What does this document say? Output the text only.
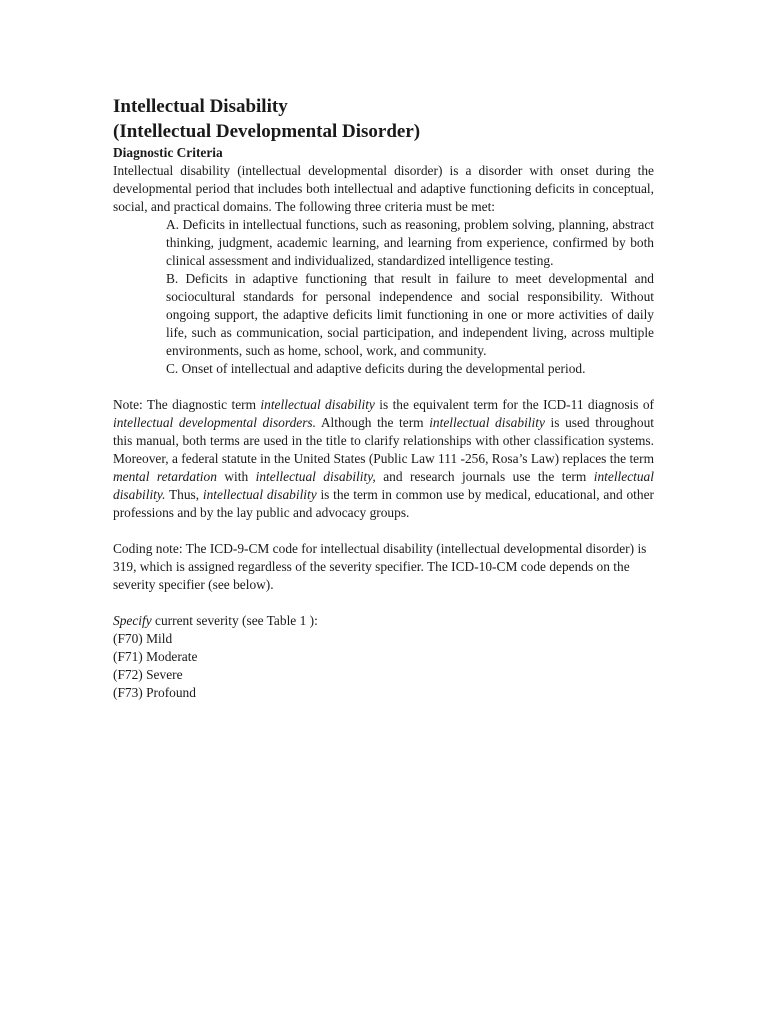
Intellectual Disability
(Intellectual Developmental Disorder)
Diagnostic Criteria

Intellectual disability (intellectual developmental disorder) is a disorder with onset during the developmental period that includes both intellectual and adaptive functioning deficits in conceptual, social, and practical domains. The following three criteria must be met:

A. Deficits in intellectual functions, such as reasoning, problem solving, planning, abstract thinking, judgment, academic learning, and learning from experience, confirmed by both clinical assessment and individualized, standardized intelligence testing.

B. Deficits in adaptive functioning that result in failure to meet developmental and sociocultural standards for personal independence and social responsibility. Without ongoing support, the adaptive deficits limit functioning in one or more activities of daily life, such as communication, social participation, and independent living, across multiple environments, such as home, school, work, and community.

C. Onset of intellectual and adaptive deficits during the developmental period.

Note: The diagnostic term intellectual disability is the equivalent term for the ICD-11 diagnosis of intellectual developmental disorders. Although the term intellectual disability is used throughout this manual, both terms are used in the title to clarify relationships with other classification systems. Moreover, a federal statute in the United States (Public Law 111 -256, Rosa’s Law) replaces the term mental retardation with intellectual disability, and research journals use the term intellectual disability. Thus, intellectual disability is the term in common use by medical, educational, and other professions and by the lay public and advocacy groups.

Coding note: The ICD-9-CM code for intellectual disability (intellectual developmental disorder) is 319, which is assigned regardless of the severity specifier. The ICD-10-CM code depends on the severity specifier (see below).

Specify current severity (see Table 1 ):

(F70) Mild

(F71) Moderate

(F72) Severe

(F73) Profound
